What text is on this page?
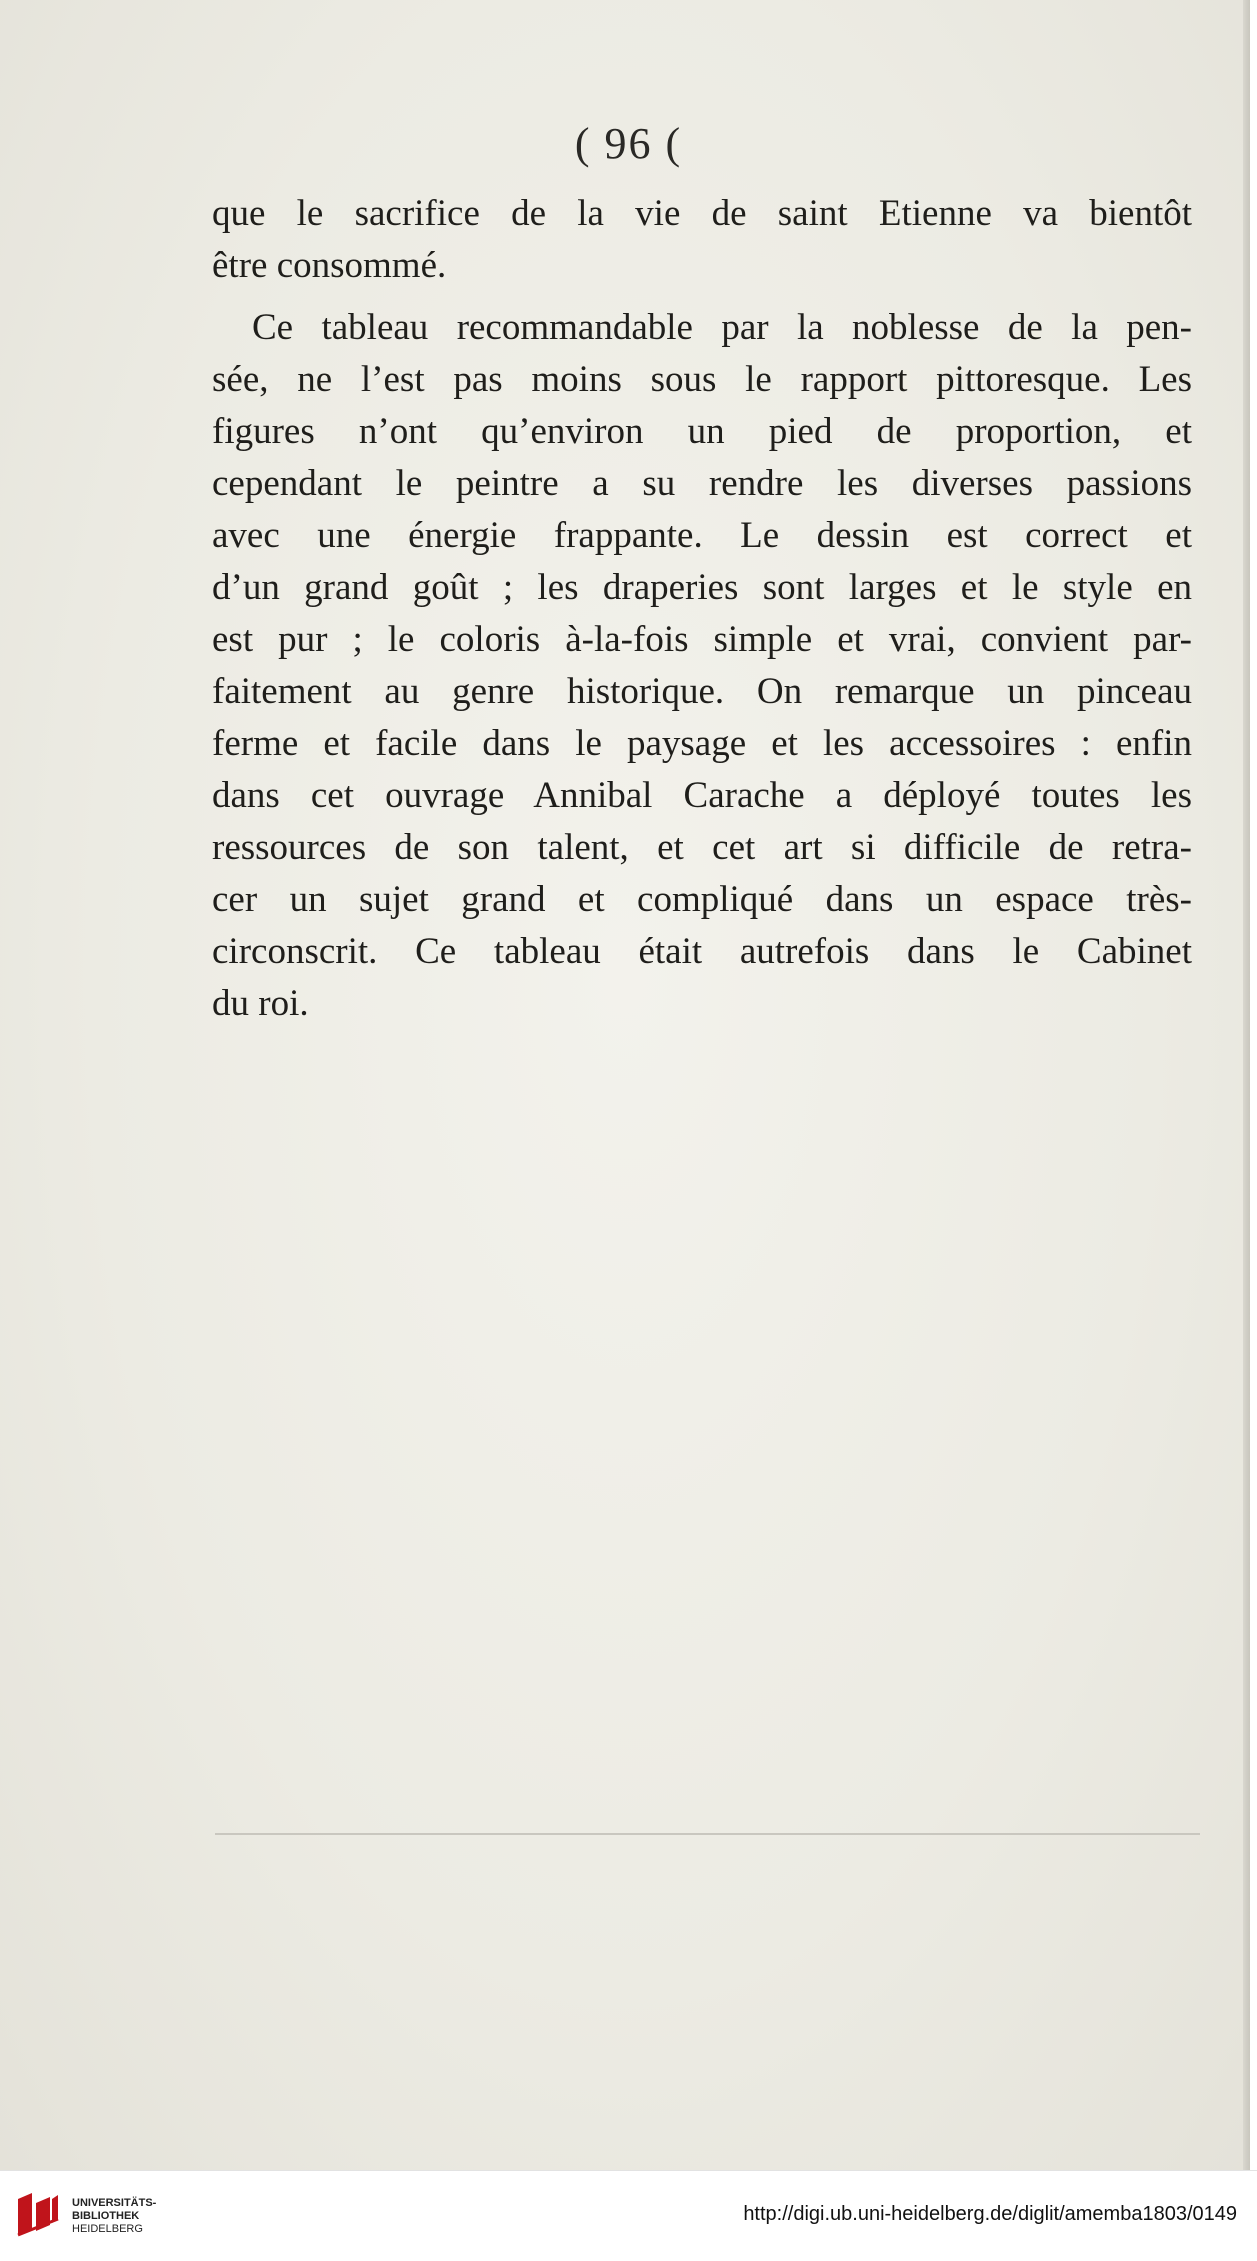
( 96 (
que le sacrifice de la vie de saint Etienne va bientôt
être consommé.
Ce tableau recommandable par la noblesse de la pen-
sée, ne l’est pas moins sous le rapport pittoresque. Les
figures n’ont qu’environ un pied de proportion, et
cependant le peintre a su rendre les diverses passions
avec une énergie frappante. Le dessin est correct et
d’un grand goût ; les draperies sont larges et le style en
est pur ; le coloris à-la-fois simple et vrai, convient par-
faitement au genre historique. On remarque un pinceau
ferme et facile dans le paysage et les accessoires : enfin
dans cet ouvrage Annibal Carache a déployé toutes les
ressources de son talent, et cet art si difficile de retra-
cer un sujet grand et compliqué dans un espace très-
circonscrit. Ce tableau était autrefois dans le Cabinet
du roi.
UNIVERSITÄTS-
BIBLIOTHEK
HEIDELBERG
http://digi.ub.uni-heidelberg.de/diglit/amemba1803/0149
